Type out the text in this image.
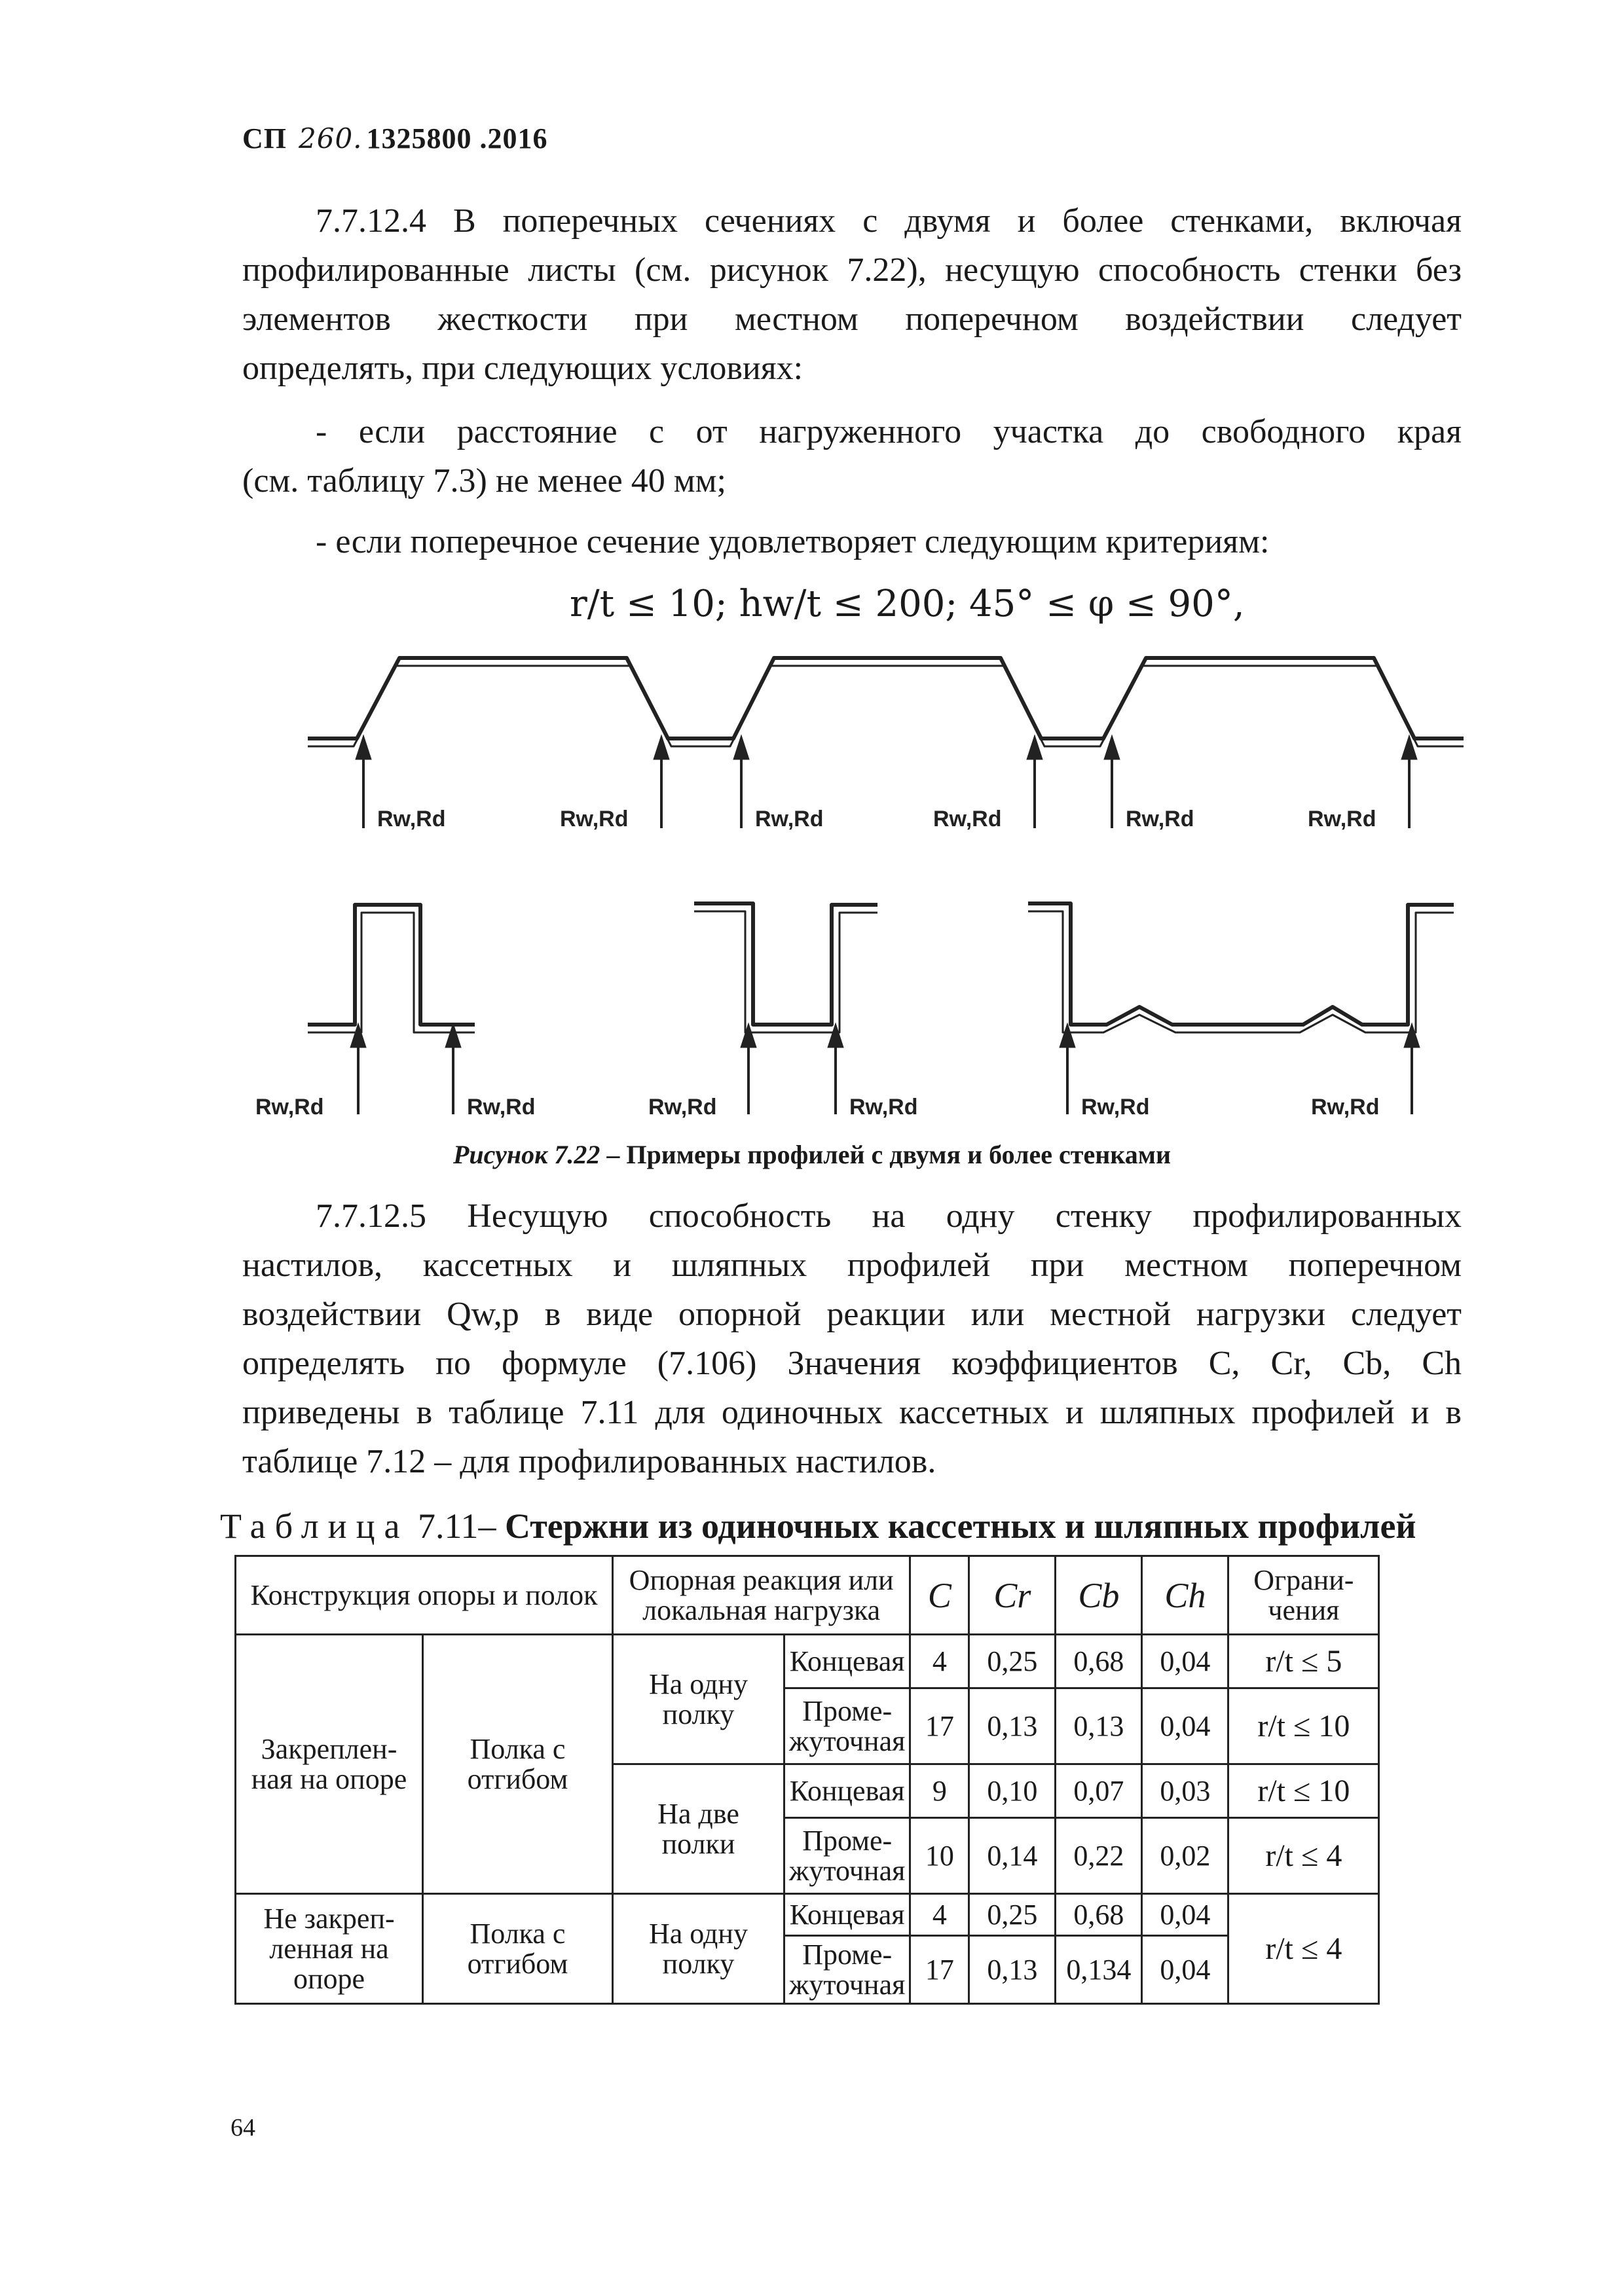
СП 260. 1325800 .2016
7.7.12.4 В поперечных сечениях с двумя и более стенками, включая
профилированные листы (см. рисунок 7.22), несущую способность стенки без
элементов жесткости при местном поперечном воздействии следует
определять, при следующих условиях:
- если расстояние c от нагруженного участка до свободного края
(см. таблицу 7.3) не менее 40 мм;
- если поперечное сечение удовлетворяет следующим критериям:
r/t ≤ 10; hw/t ≤ 200; 45° ≤ φ ≤ 90°,
Rw,Rd	Rw,Rd	Rw,Rd	Rw,Rd	Rw,Rd	Rw,Rd
Rw,Rd	Rw,Rd	Rw,Rd	Rw,Rd	Rw,Rd	Rw,Rd
Рисунок 7.22 – Примеры профилей с двумя и более стенками
7.7.12.5 Несущую способность на одну стенку профилированных
настилов, кассетных и шляпных профилей при местном поперечном
воздействии Qw,p в виде опорной реакции или местной нагрузки следует
определять по формуле (7.106) Значения коэффициентов C, Cr, Cb, Ch
приведены в таблице 7.11 для одиночных кассетных и шляпных профилей и в
таблице 7.12 – для профилированных настилов.
Таблица 7.11– Стержни из одиночных кассетных и шляпных профилей
Конструкция опоры и полок		Опорная реакция или локальная нагрузка		C	Cr	Cb	Ch	Ограни-чения
Закреплен-ная на опоре	Полка с отгибом	На одну полку	Концевая	4	0,25	0,68	0,04	r/t ≤ 5
			Проме-жуточная	17	0,13	0,13	0,04	r/t ≤ 10
		На две полки	Концевая	9	0,10	0,07	0,03	r/t ≤ 10
			Проме-жуточная	10	0,14	0,22	0,02	r/t ≤ 4
Не закреп-ленная на опоре	Полка с отгибом	На одну полку	Концевая	4	0,25	0,68	0,04	r/t ≤ 4
			Проме-жуточная	17	0,13	0,134	0,04	
64
